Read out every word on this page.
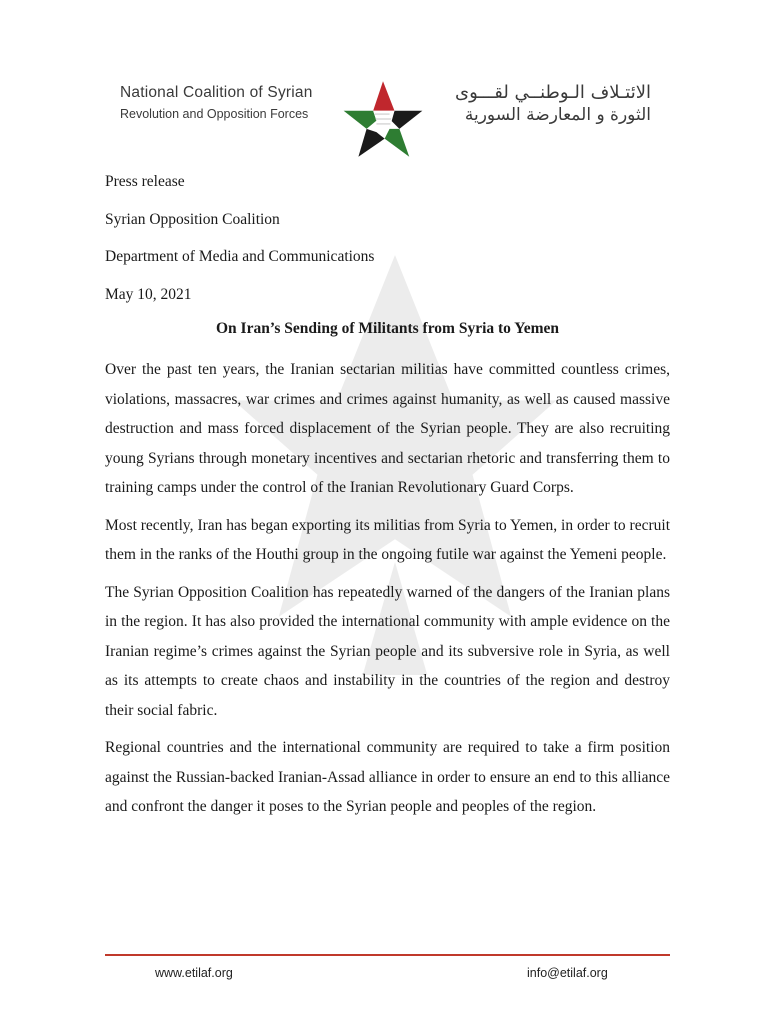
National Coalition of Syrian
Revolution and Opposition Forces
الائتـلاف الـوطنــي لقـــوى
الثورة و المعارضة السورية
Press release
Syrian Opposition Coalition
Department of Media and Communications
May 10, 2021
On Iran’s Sending of Militants from Syria to Yemen

Over the past ten years, the Iranian sectarian militias have committed countless crimes, violations, massacres, war crimes and crimes against humanity, as well as caused massive destruction and mass forced displacement of the Syrian people. They are also recruiting young Syrians through monetary incentives and sectarian rhetoric and transferring them to training camps under the control of the Iranian Revolutionary Guard Corps.

Most recently, Iran has began exporting its militias from Syria to Yemen, in order to recruit them in the ranks of the Houthi group in the ongoing futile war against the Yemeni people.

The Syrian Opposition Coalition has repeatedly warned of the dangers of the Iranian plans in the region. It has also provided the international community with ample evidence on the Iranian regime’s crimes against the Syrian people and its subversive role in Syria, as well as its attempts to create chaos and instability in the countries of the region and destroy their social fabric.

Regional countries and the international community are required to take a firm position against the Russian-backed Iranian-Assad alliance in order to ensure an end to this alliance and confront the danger it poses to the Syrian people and peoples of the region.

www.etilaf.org	info@etilaf.org
